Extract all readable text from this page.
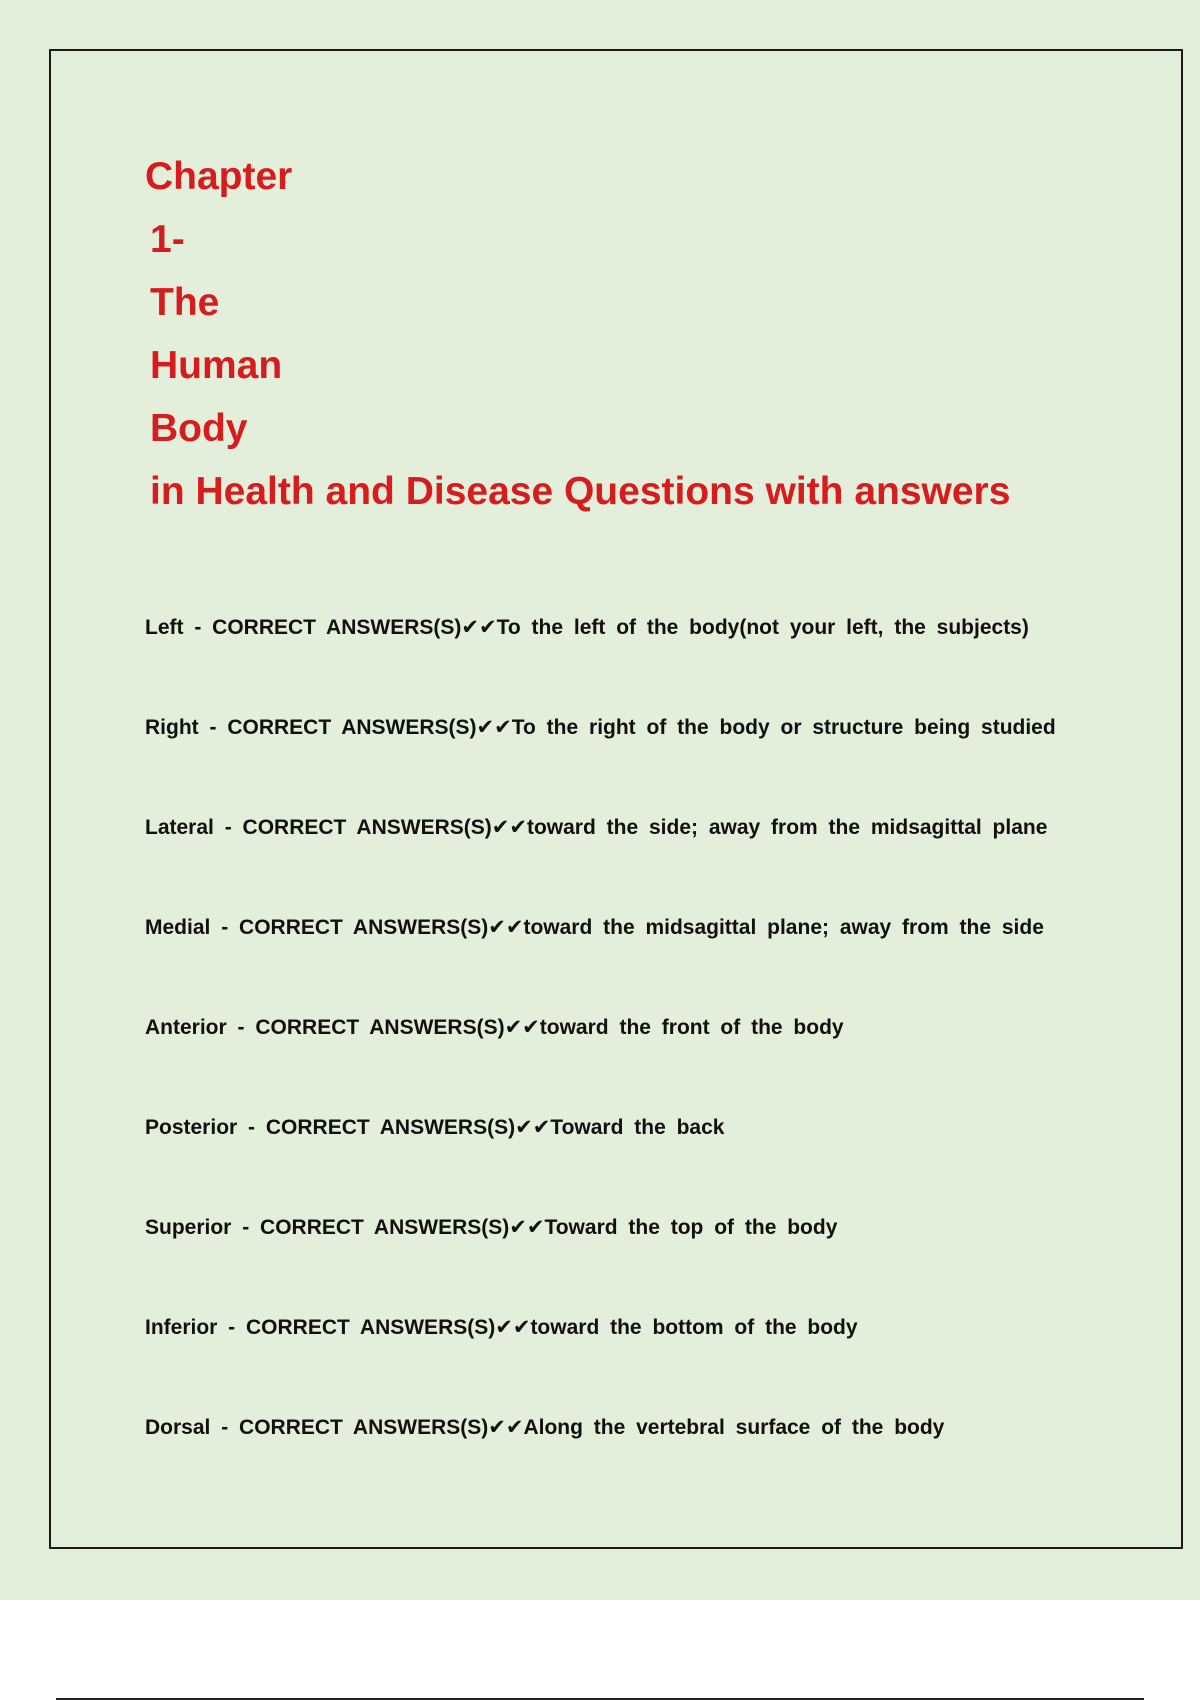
Chapter
1-
The
Human
Body
in Health and Disease Questions with answers
Left - CORRECT ANSWERS(S)✔✔To the left of the body(not your left, the subjects)
Right - CORRECT ANSWERS(S)✔✔To the right of the body or structure being studied
Lateral - CORRECT ANSWERS(S)✔✔toward the side; away from the midsagittal plane
Medial - CORRECT ANSWERS(S)✔✔toward the midsagittal plane; away from the side
Anterior - CORRECT ANSWERS(S)✔✔toward the front of the body
Posterior - CORRECT ANSWERS(S)✔✔Toward the back
Superior - CORRECT ANSWERS(S)✔✔Toward the top of the body
Inferior - CORRECT ANSWERS(S)✔✔toward the bottom of the body
Dorsal - CORRECT ANSWERS(S)✔✔Along the vertebral surface of the body
